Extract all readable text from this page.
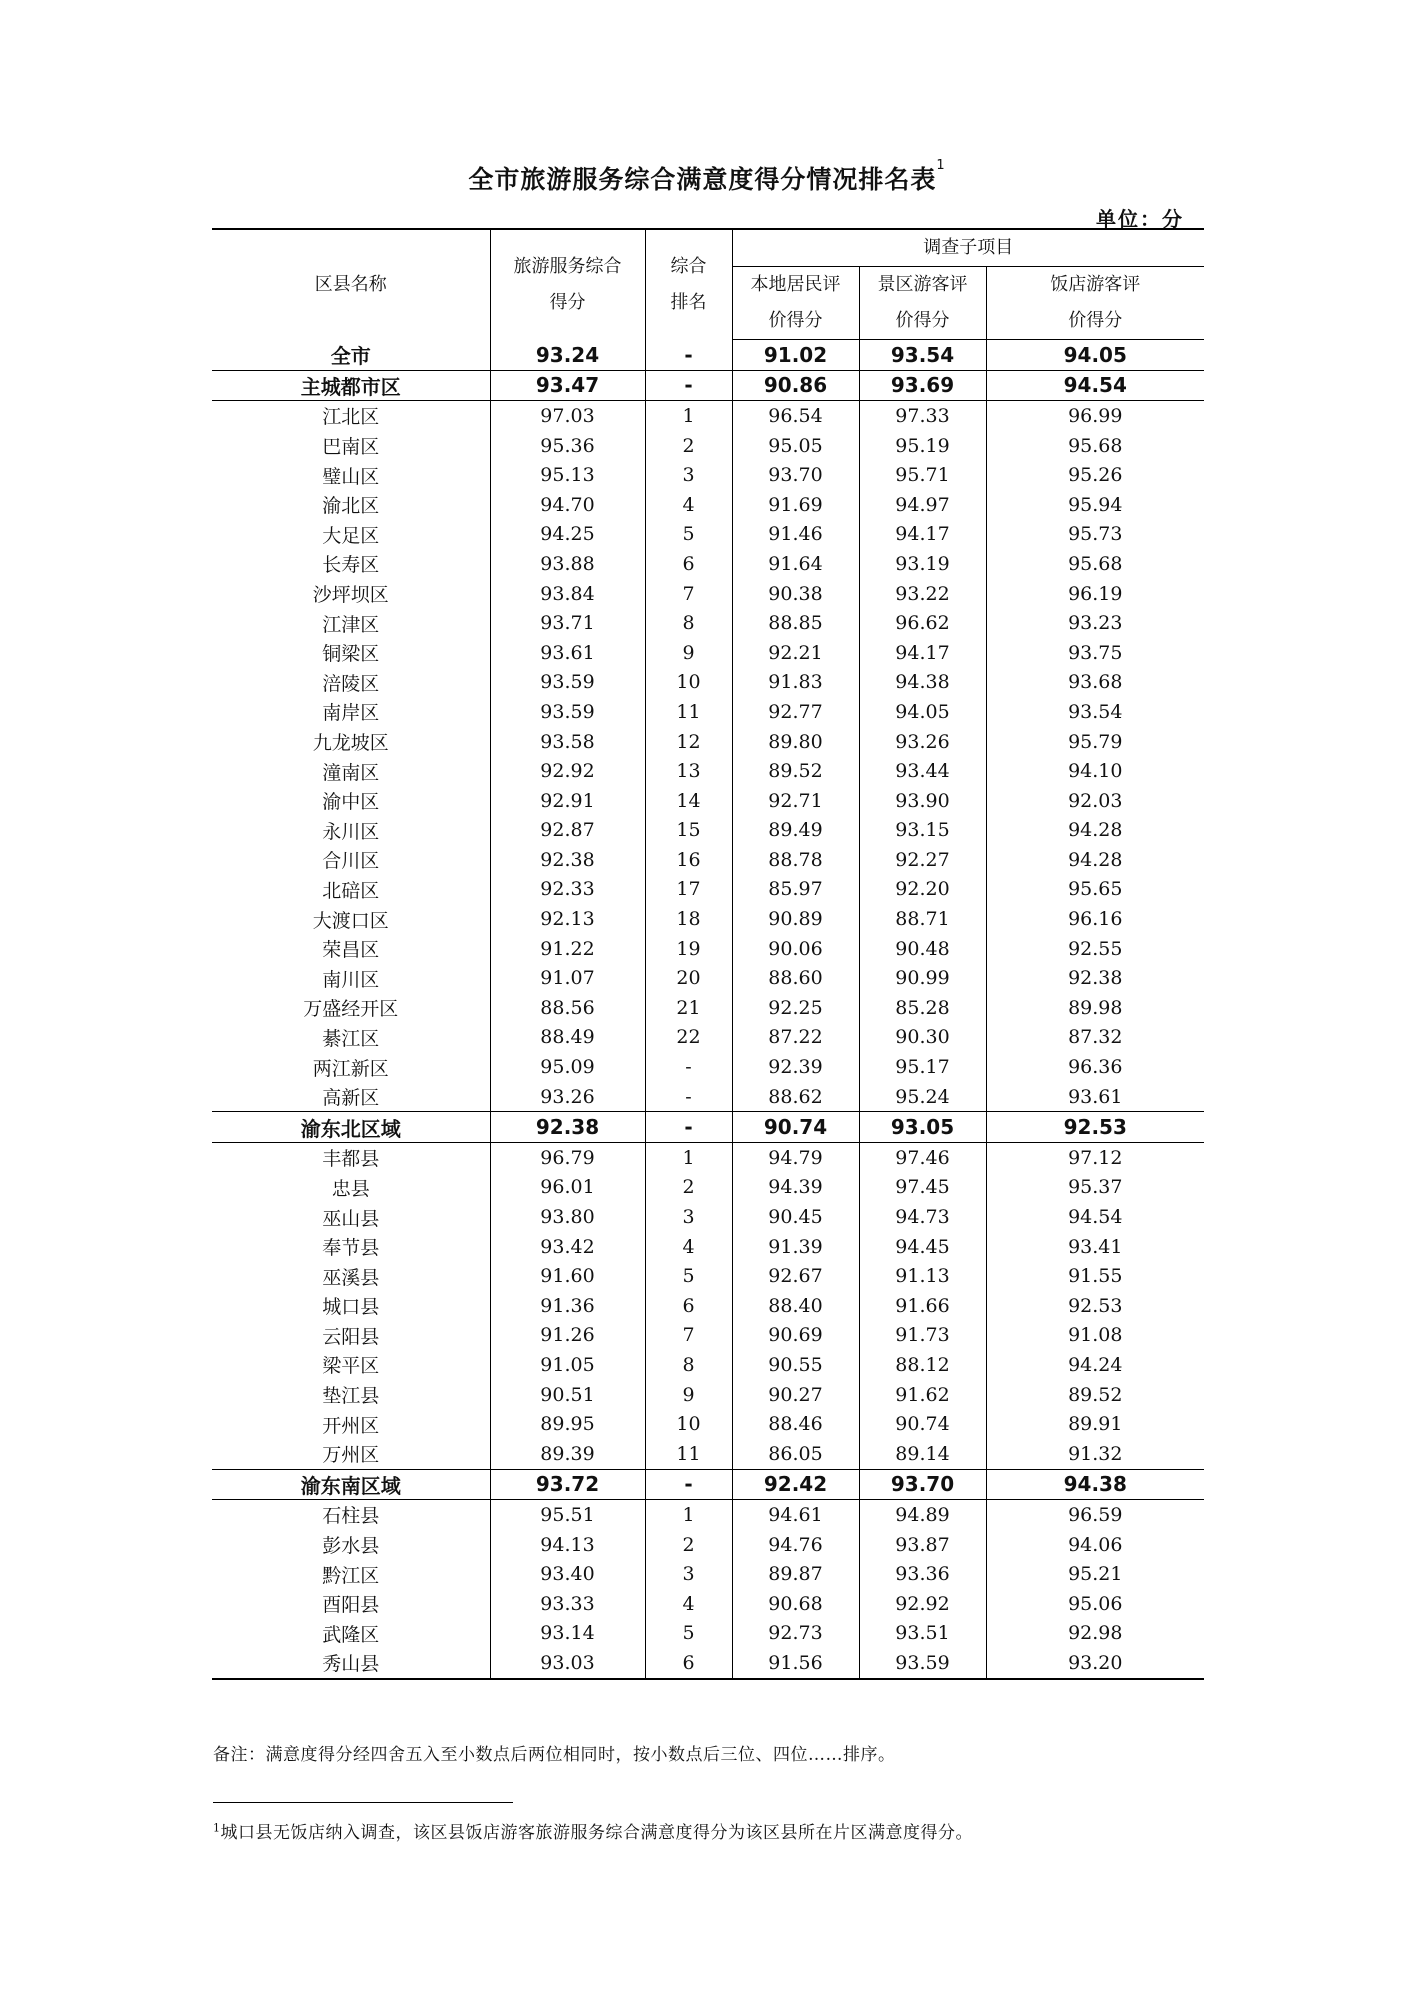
全市旅游服务综合满意度得分情况排名表$^1$
单位：分
区县名称	旅游服务综合得分	综合排名	调查子项目		

			本地居民评价得分	景区游客评价得分	饭店游客评价得分

全市	93.24	-	91.02	93.54	94.05
主城都市区	93.47	-	90.86	93.69	94.54
江北区	97.03	1	96.54	97.33	96.99
巴南区	95.36	2	95.05	95.19	95.68
璧山区	95.13	3	93.70	95.71	95.26
渝北区	94.70	4	91.69	94.97	95.94
大足区	94.25	5	91.46	94.17	95.73
长寿区	93.88	6	91.64	93.19	95.68
沙坪坝区	93.84	7	90.38	93.22	96.19
江津区	93.71	8	88.85	96.62	93.23
铜梁区	93.61	9	92.21	94.17	93.75
涪陵区	93.59	10	91.83	94.38	93.68
南岸区	93.59	11	92.77	94.05	93.54
九龙坡区	93.58	12	89.80	93.26	95.79
潼南区	92.92	13	89.52	93.44	94.10
渝中区	92.91	14	92.71	93.90	92.03
永川区	92.87	15	89.49	93.15	94.28
合川区	92.38	16	88.78	92.27	94.28
北碚区	92.33	17	85.97	92.20	95.65
大渡口区	92.13	18	90.89	88.71	96.16
荣昌区	91.22	19	90.06	90.48	92.55
南川区	91.07	20	88.60	90.99	92.38
万盛经开区	88.56	21	92.25	85.28	89.98
綦江区	88.49	22	87.22	90.30	87.32
两江新区	95.09	-	92.39	95.17	96.36
高新区	93.26	-	88.62	95.24	93.61
渝东北区域	92.38	-	90.74	93.05	92.53
丰都县	96.79	1	94.79	97.46	97.12
忠县	96.01	2	94.39	97.45	95.37
巫山县	93.80	3	90.45	94.73	94.54
奉节县	93.42	4	91.39	94.45	93.41
巫溪县	91.60	5	92.67	91.13	91.55
城口县	91.36	6	88.40	91.66	92.53
云阳县	91.26	7	90.69	91.73	91.08
梁平区	91.05	8	90.55	88.12	94.24
垫江县	90.51	9	90.27	91.62	89.52
开州区	89.95	10	88.46	90.74	89.91
万州区	89.39	11	86.05	89.14	91.32
渝东南区域	93.72	-	92.42	93.70	94.38
石柱县	95.51	1	94.61	94.89	96.59
彭水县	94.13	2	94.76	93.87	94.06
黔江区	93.40	3	89.87	93.36	95.21
酉阳县	93.33	4	90.68	92.92	95.06
武隆区	93.14	5	92.73	93.51	92.98
秀山县	93.03	6	91.56	93.59	93.20
备注：满意度得分经四舍五入至小数点后两位相同时，按小数点后三位、四位……排序。
$^1$城口县无饭店纳入调查，该区县饭店游客旅游服务综合满意度得分为该区县所在片区满意度得分。
